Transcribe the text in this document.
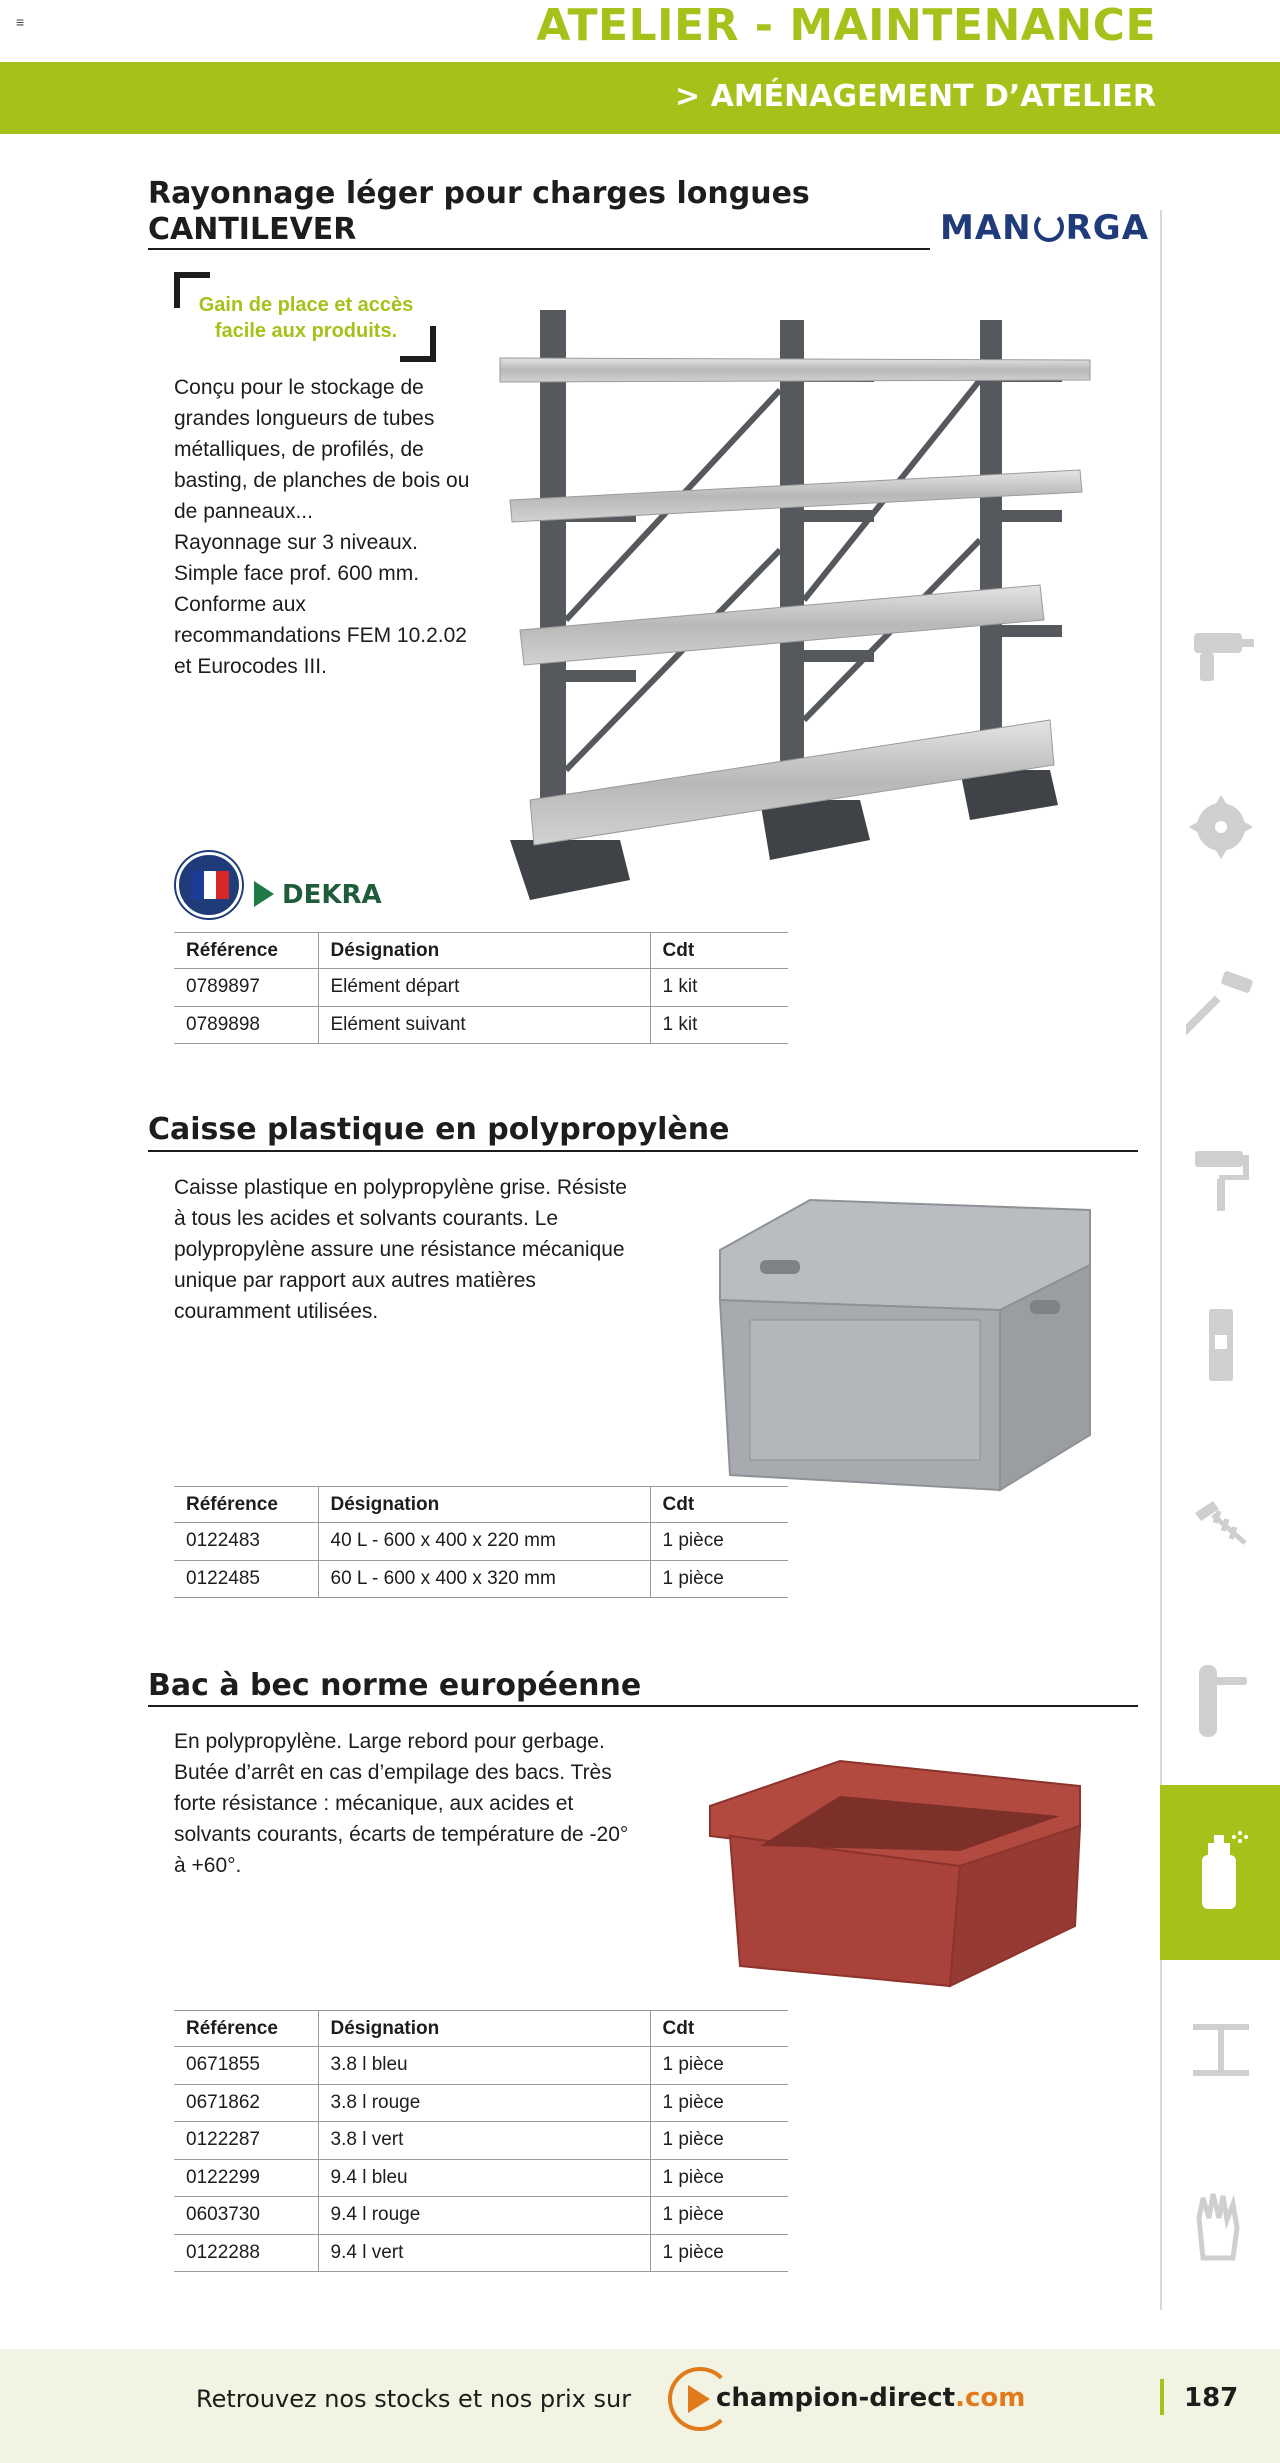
≡	ATELIER - MAINTENANCE
> AMÉNAGEMENT D’ATELIER
Rayonnage léger pour charges longues
CANTILEVER	MAN RGA
Gain de place et accès facile aux produits.
Conçu pour le stockage de
grandes longueurs de tubes
métalliques, de profilés, de
basting, de planches de bois ou
de panneaux...
Rayonnage sur 3 niveaux.
Simple face prof. 600 mm.
Conforme aux
recommandations FEM 10.2.02
et Eurocodes III.
DEKRA
Référence	Désignation	Cdt
0789897	Elément départ	1 kit
0789898	Elément suivant	1 kit
Caisse plastique en polypropylène
Caisse plastique en polypropylène grise. Résiste
à tous les acides et solvants courants. Le
polypropylène assure une résistance mécanique
unique par rapport aux autres matières
couramment utilisées.
Référence	Désignation	Cdt
0122483	40 L - 600 x 400 x 220 mm	1 pièce
0122485	60 L - 600 x 400 x 320 mm	1 pièce
Bac à bec norme européenne
En polypropylène. Large rebord pour gerbage.
Butée d’arrêt en cas d’empilage des bacs. Très
forte résistance : mécanique, aux acides et
solvants courants, écarts de température de -20°
à +60°.
Référence	Désignation	Cdt
0671855	3.8 l bleu	1 pièce
0671862	3.8 l rouge	1 pièce
0122287	3.8 l vert	1 pièce
0122299	9.4 l bleu	1 pièce
0603730	9.4 l rouge	1 pièce
0122288	9.4 l vert	1 pièce
Retrouvez nos stocks et nos prix sur	champion-direct.com	187
